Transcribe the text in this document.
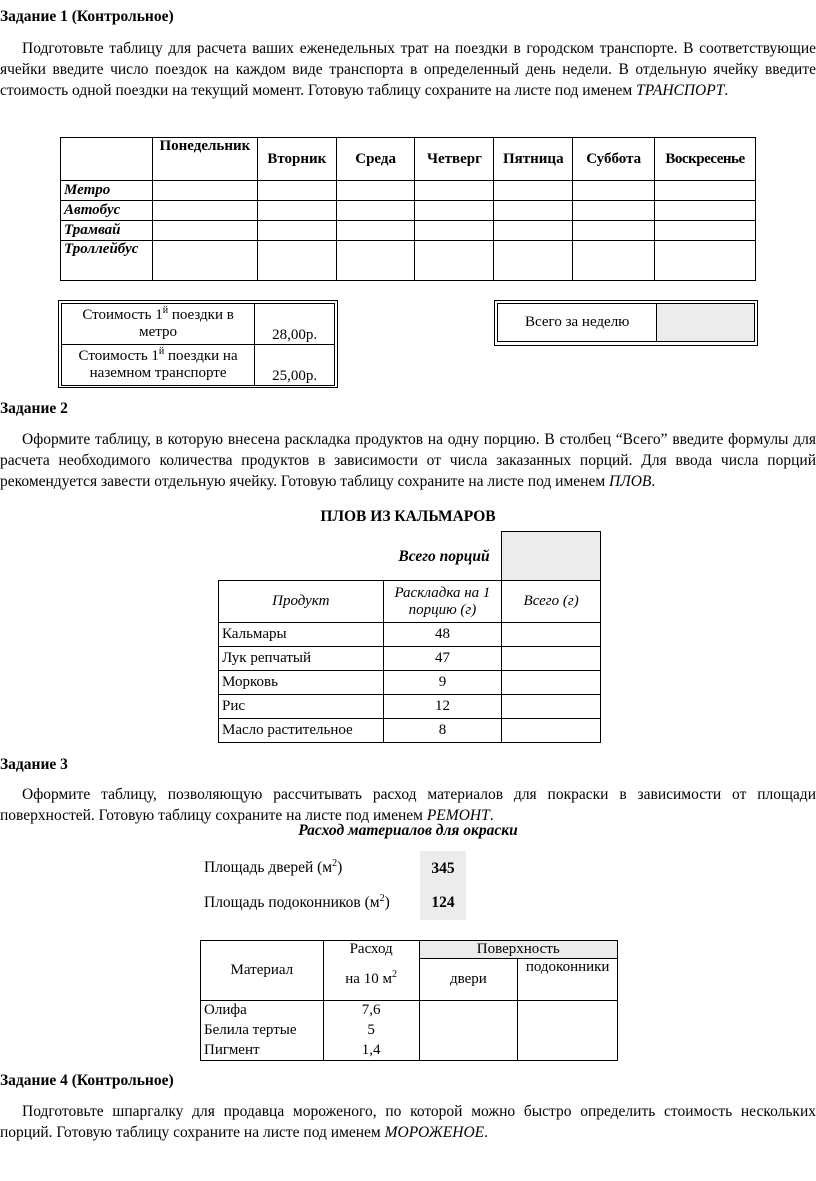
Задание 1 (Контрольное)
Подготовьте таблицу для расчета ваших еженедельных трат на поездки в городском транспорте. В соответствующие ячейки введите число поездок на каждом виде транспорта в определенный день недели. В отдельную ячейку введите стоимость одной поездки на текущий момент. Готовую таблицу сохраните на листе под именем ТРАНСПОРТ.
	Понедельник	Вторник	Среда	Четверг	Пятница	Суббота	Воскресенье
Метро							
Автобус							
Трамвай							
Троллейбус							
Стоимость $1^й$ поездки в метро	28,00р.
Стоимость $1^й$ поездки на наземном транспорте	25,00р.
Всего за неделю	
Задание 2
Оформите таблицу, в которую внесена раскладка продуктов на одну порцию. В столбец “Всего” введите формулы для расчета необходимого количества продуктов в зависимости от числа заказанных порций. Для ввода числа порций рекомендуется завести отдельную ячейку. Готовую таблицу сохраните на листе под именем ПЛОВ.
ПЛОВ ИЗ КАЛЬМАРОВ
Всего порций
Продукт	Раскладка на 1 порцию (г)	Всего (г)
Кальмары	48	
Лук репчатый	47	
Морковь	9	
Рис	12	
Масло растительное	8	
Задание 3
Оформите таблицу, позволяющую рассчитывать расход материалов для покраски в зависимости от площади поверхностей. Готовую таблицу сохраните на листе под именем РЕМОНТ.
Расход материалов для окраски
Площадь дверей $(м^2)$	345
Площадь подоконников $(м^2)$	124
Материал	Расход	Поверхность	
	на 10 $м^2$	двери	подоконники
Олифа	7,6		
Белила тертые	5		
Пигмент	1,4		
Задание 4 (Контрольное)
Подготовьте шпаргалку для продавца мороженого, по которой можно быстро определить стоимость нескольких порций. Готовую таблицу сохраните на листе под именем МОРОЖЕНОЕ.
